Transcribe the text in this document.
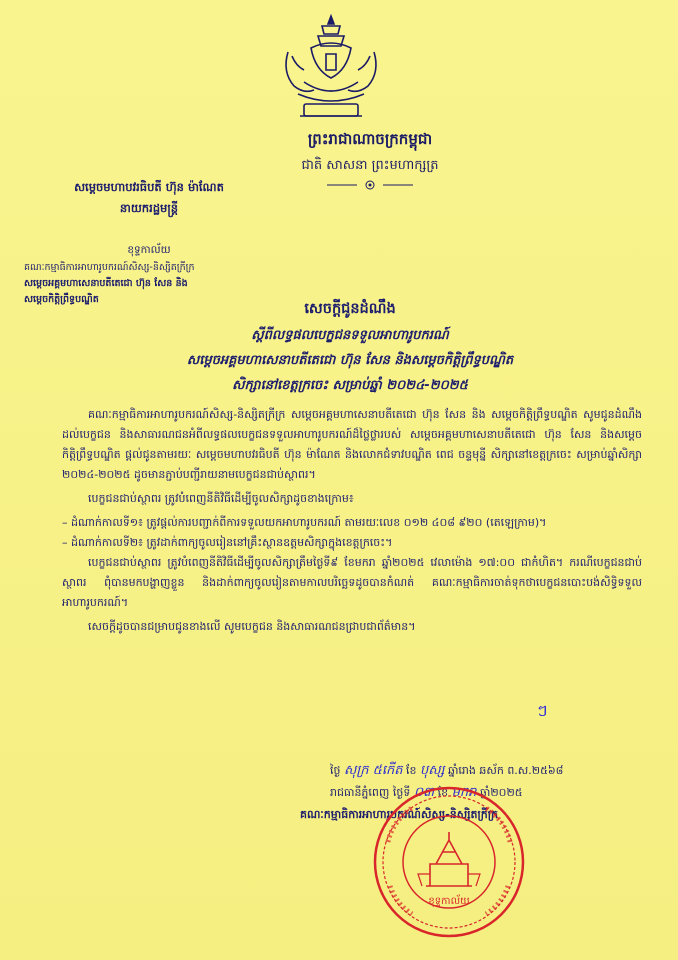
ព្រះរាជាណាចក្រកម្ពុជា
ជាតិ សាសនា ព្រះមហាក្សត្រ
សម្តេចមហាបវរធិបតី ហ៊ុន ម៉ាណែត
នាយករដ្ឋមន្ត្រី
ខុទ្ទកាល័យ
គណៈកម្មាធិការអាហារូបករណ៍សិស្ស-និស្សិតក្រីក្រ
សម្តេចអគ្គមហាសេនាបតីតេជោ ហ៊ុន សែន និង
សម្តេចកិត្តិព្រឹទ្ធបណ្ឌិត
សេចក្តីជូនដំណឹង
ស្តីពីលទ្ធផលបេក្ខជនទទួលអាហារូបករណ៍
សម្តេចអគ្គមហាសេនាបតីតេជោ ហ៊ុន សែន និងសម្តេចកិត្តិព្រឹទ្ធបណ្ឌិត
សិក្សានៅខេត្តក្រចេះ សម្រាប់ឆ្នាំ ២០២៤-២០២៥

គណៈកម្មាធិការអាហារូបករណ៍សិស្ស-និស្សិតក្រីក្រ សម្តេចអគ្គមហាសេនាបតីតេជោ ហ៊ុន សែន និង សម្តេចកិត្តិព្រឹទ្ធបណ្ឌិត សូមជូនដំណឹងដល់បេក្ខជន និងសាធារណជនអំពីលទ្ធផលបេក្ខជនទទួលអាហារូបករណ៍ដ៏ថ្លៃថ្លារបស់ សម្តេចអគ្គមហាសេនាបតីតេជោ ហ៊ុន សែន និងសម្តេចកិត្តិព្រឹទ្ធបណ្ឌិត ផ្តល់ជូនតាមរយៈ សម្តេចមហាបវរធិបតី ហ៊ុន ម៉ាណែត និងលោកជំទាវបណ្ឌិត ពេជ ចន្ទមុន្នី សិក្សានៅខេត្តក្រចេះ សម្រាប់ឆ្នាំសិក្សា ២០២៤-២០២៥ ដូចមានភ្ជាប់បញ្ជីរាយនាមបេក្ខជនជាប់ស្ថាពរ។

បេក្ខជនជាប់ស្ថាពរ ត្រូវបំពេញនីតិវិធីដើម្បីចូលសិក្សាដូចខាងក្រោម៖

– ដំណាក់កាលទី១៖ ត្រូវផ្តល់ការបញ្ជាក់ពីការទទួលយកអាហារូបករណ៍ តាមរយៈលេខ ០១២ ៤០៨ ៩២០ (តេឡេក្រាម)។

– ដំណាក់កាលទី២៖ ត្រូវដាក់ពាក្យចូលរៀននៅគ្រឹះស្ថានឧត្តមសិក្សាក្នុងខេត្តក្រចេះ។

បេក្ខជនជាប់ស្ថាពរ ត្រូវបំពេញនីតិវិធីដើម្បីចូលសិក្សាត្រឹមថ្ងៃទី៩ ខែមករា ឆ្នាំ២០២៥ វេលាម៉ោង ១៧:០០ ជាកំហិត។ ករណីបេក្ខជនជាប់ស្ថាពរ ពុំបានមកបង្ហាញខ្លួន និងដាក់ពាក្យចូលរៀនតាមកាលបរិច្ឆេទដូចបានកំណត់ គណៈកម្មាធិការចាត់ទុកថាបេក្ខជនបោះបង់សិទ្ធិទទួលអាហារូបករណ៍។

សេចក្តីដូចបានជម្រាបជូនខាងលើ សូមបេក្ខជន និងសាធារណជនជ្រាបជាព័ត៌មាន។

ៗ
ថ្ងៃ សុក្រ ៥កើត ខែ បុស្ស ឆ្នាំរោង ឆស័ក ព.ស.២៥៦៨
រាជធានីភ្នំពេញ ថ្ងៃទី ០៣ ខែ មករា ឆ្នាំ២០២៥
គណៈកម្មាធិការអាហារូបករណ៍សិស្ស-និស្សិតក្រីក្រ
ខុទ្ទកាល័យ
